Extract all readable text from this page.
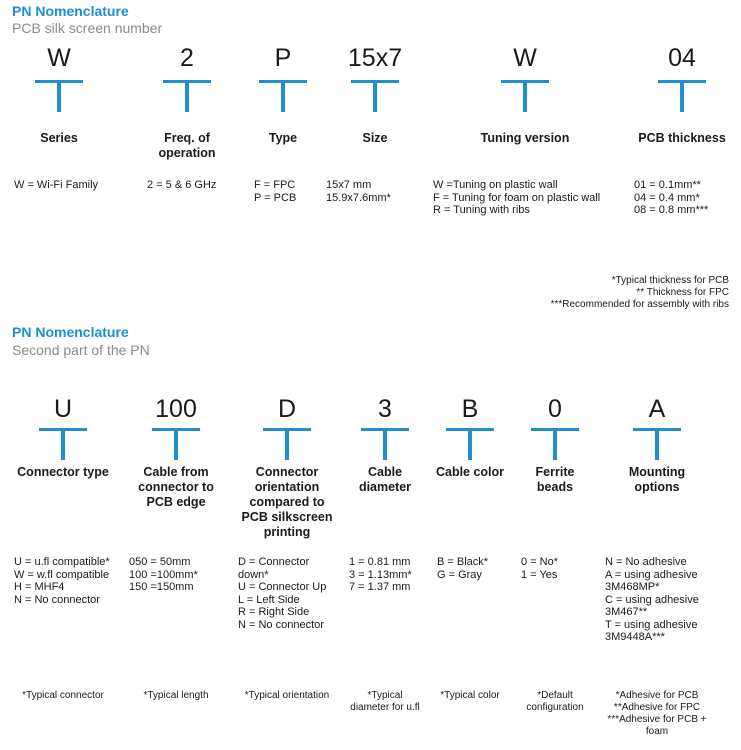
PN Nomenclature
PCB silk screen number
W
Series
W = Wi-Fi Family
2
Freq. of
operation
2 = 5 & 6 GHz
P
Type
F = FPC
P = PCB
15x7
Size
15x7 mm
15.9x7.6mm*
W
Tuning version
W =Tuning on plastic wall
F = Tuning for foam on plastic wall
R = Tuning with ribs
04
PCB thickness
01 = 0.1mm**
04 = 0.4 mm*
08 = 0.8 mm***
*Typical thickness for PCB
** Thickness for FPC
***Recommended for assembly with ribs
PN Nomenclature
Second part of the PN
U
Connector type
U = u.fl compatible*
W = w.fl compatible
H = MHF4
N = No connector
*Typical connector
100
Cable from
connector to
PCB edge
050 = 50mm
100 =100mm*
150 =150mm
*Typical length
D
Connector
orientation
compared to
PCB silkscreen
printing
D = Connector
down*
U = Connector Up
L = Left Side
R = Right Side
N = No connector
*Typical orientation
3
Cable
diameter
1 = 0.81 mm
3 = 1.13mm*
7 = 1.37 mm
*Typical
diameter for u.fl
B
Cable color
B = Black*
G = Gray
*Typical color
0
Ferrite
beads
0 = No*
1 = Yes
*Default
configuration
A
Mounting
options
N = No adhesive
A = using adhesive
3M468MP*
C = using adhesive
3M467**
T = using adhesive
3M9448A***
*Adhesive for PCB
**Adhesive for FPC
***Adhesive for PCB +
foam
